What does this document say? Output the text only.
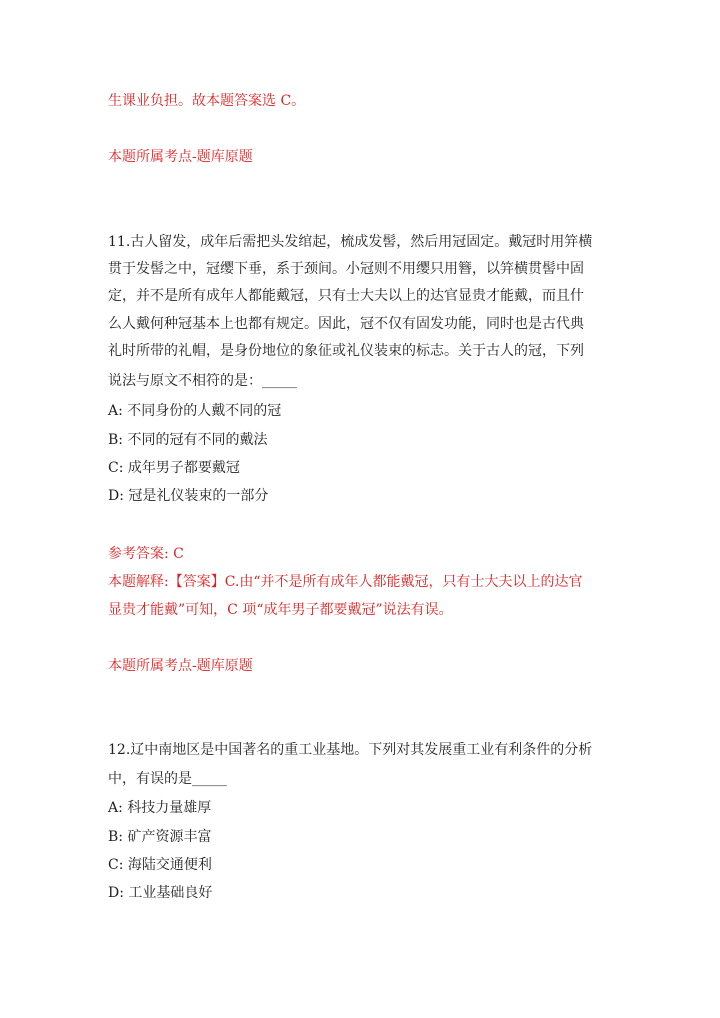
生课业负担。故本题答案选 C。
本题所属考点-题库原题
11.古人留发，成年后需把头发绾起，梳成发髻，然后用冠固定。戴冠时用笄横
贯于发髻之中，冠缨下垂，系于颈间。小冠则不用缨只用簪，以笄横贯髻中固
定，并不是所有成年人都能戴冠，只有士大夫以上的达官显贵才能戴，而且什
么人戴何种冠基本上也都有规定。因此，冠不仅有固发功能，同时也是古代典
礼时所带的礼帽，是身份地位的象征或礼仪装束的标志。关于古人的冠，下列
说法与原文不相符的是：_____
A: 不同身份的人戴不同的冠
B: 不同的冠有不同的戴法
C: 成年男子都要戴冠
D: 冠是礼仪装束的一部分
参考答案: C
本题解释:【答案】C.由“并不是所有成年人都能戴冠，只有士大夫以上的达官
显贵才能戴”可知，C 项“成年男子都要戴冠”说法有误。
本题所属考点-题库原题
12.辽中南地区是中国著名的重工业基地。下列对其发展重工业有利条件的分析
中，有误的是_____
A: 科技力量雄厚
B: 矿产资源丰富
C: 海陆交通便利
D: 工业基础良好
